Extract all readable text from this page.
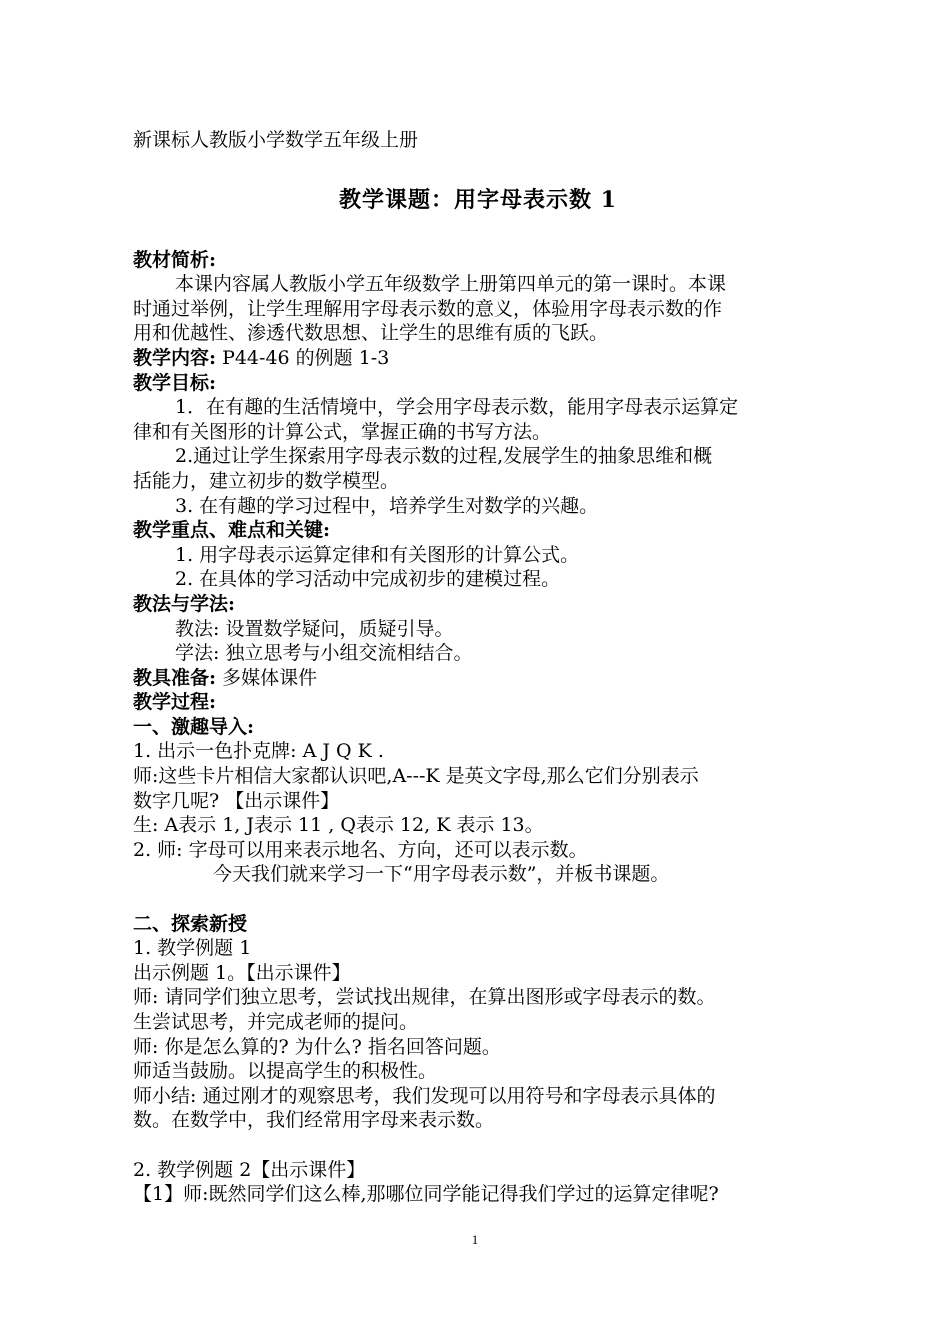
新课标人教版小学数学五年级上册
教学课题：用字母表示数 1
教材简析:
本课内容属人教版小学五年级数学上册第四单元的第一课时。本课
时通过举例，让学生理解用字母表示数的意义，体验用字母表示数的作
用和优越性、渗透代数思想、让学生的思维有质的飞跃。
教学内容: P44-46 的例题 1-3
教学目标:
1．在有趣的生活情境中，学会用字母表示数，能用字母表示运算定
律和有关图形的计算公式，掌握正确的书写方法。
2.通过让学生探索用字母表示数的过程,发展学生的抽象思维和概
括能力，建立初步的数学模型。
3. 在有趣的学习过程中，培养学生对数学的兴趣。
教学重点、难点和关键:
1. 用字母表示运算定律和有关图形的计算公式。
2. 在具体的学习活动中完成初步的建模过程。
教法与学法:
教法: 设置数学疑问，质疑引导。
学法: 独立思考与小组交流相结合。
教具准备: 多媒体课件
教学过程:
一、激趣导入:
1. 出示一色扑克牌: A J Q K .
师:这些卡片相信大家都认识吧,A---K 是英文字母,那么它们分别表示
数字几呢? 【出示课件】
生: A表示 1, J表示 11 , Q表示 12, K 表示 13。
2. 师: 字母可以用来表示地名、方向，还可以表示数。
今天我们就来学习一下“用字母表示数”，并板书课题。
二、探索新授
1. 教学例题 1
出示例题 1。【出示课件】
师: 请同学们独立思考，尝试找出规律，在算出图形或字母表示的数。
生尝试思考，并完成老师的提问。
师: 你是怎么算的? 为什么? 指名回答问题。
师适当鼓励。以提高学生的积极性。
师小结: 通过刚才的观察思考，我们发现可以用符号和字母表示具体的
数。在数学中，我们经常用字母来表示数。
2. 教学例题 2【出示课件】
【1】师:既然同学们这么棒,那哪位同学能记得我们学过的运算定律呢?
1
